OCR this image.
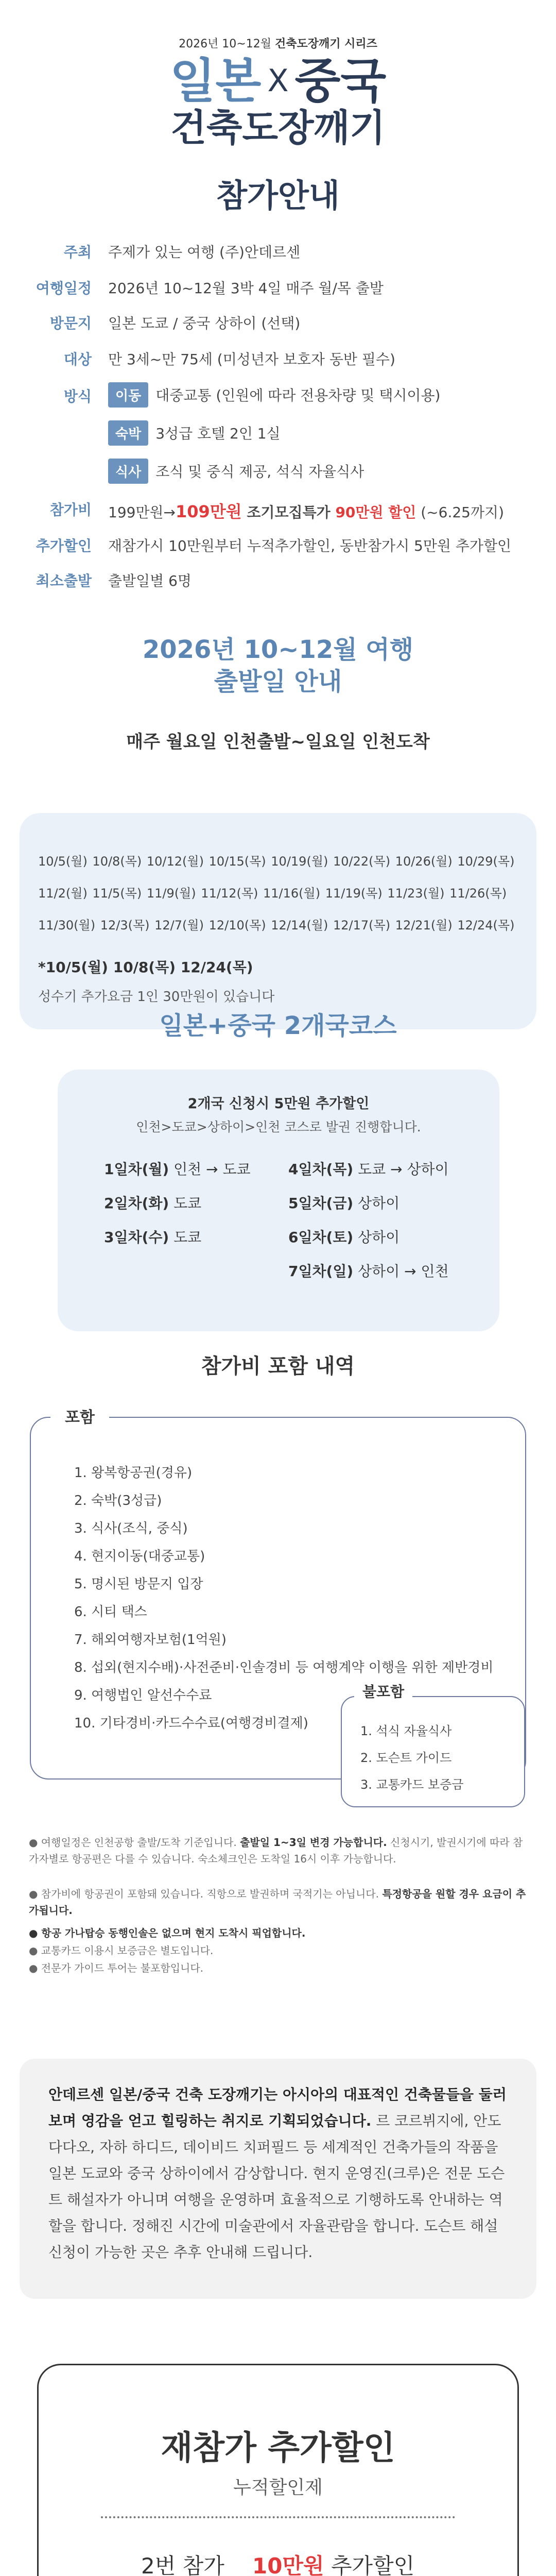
2026년 10~12월 건축도장깨기 시리즈
일본 X 중국
건축도장깨기
참가안내
주최 주제가 있는 여행 (주)안데르센
여행일정 2026년 10~12월 3박 4일 매주 월/목 출발
방문지 일본 도쿄 / 중국 상하이 (선택)
대상 만 3세~만 75세 (미성년자 보호자 동반 필수)
방식	이동 대중교통 (인원에 따라 전용차량 및 택시이용)
숙박 3성급 호텔 2인 1실
식사 조식 및 중식 제공, 석식 자율식사
참가비 199만원→109만원 조기모집특가 90만원 할인 (~6.25까지)
추가할인 재참가시 10만원부터 누적추가할인, 동반참가시 5만원 추가할인
최소출발 출발일별 6명
2026년 10~12월 여행
출발일 안내
매주 월요일 인천출발~일요일 인천도착
10/5(월) 10/8(목) 10/12(월) 10/15(목) 10/19(월) 10/22(목) 10/26(월) 10/29(목)
11/2(월) 11/5(목) 11/9(월) 11/12(목) 11/16(월) 11/19(목) 11/23(월) 11/26(목)
11/30(월) 12/3(목) 12/7(월) 12/10(목) 12/14(월) 12/17(목) 12/21(월) 12/24(목)
*10/5(월) 10/8(목) 12/24(목)
성수기 추가요금 1인 30만원이 있습니다
일본+중국 2개국코스
2개국 신청시 5만원 추가할인
인천>도쿄>상하이>인천 코스로 발권 진행합니다.
1일차(월) 인천 → 도쿄
2일차(화) 도쿄
3일차(수) 도쿄
4일차(목) 도쿄 → 상하이
5일차(금) 상하이
6일차(토) 상하이
7일차(일) 상하이 → 인천
참가비 포함 내역
포함
1. 왕복항공권(경유)
2. 숙박(3성급)
3. 식사(조식, 중식)
4. 현지이동(대중교통)
5. 명시된 방문지 입장
6. 시티 택스
7. 해외여행자보험(1억원)
8. 섭외(현지수배)·사전준비·인솔경비 등 여행계약 이행을 위한 제반경비
9. 여행법인 알선수수료
10. 기타경비·카드수수료(여행경비결제)
불포함
1. 석식 자율식사
2. 도슨트 가이드
3. 교통카드 보증금
● 여행일정은 인천공항 출발/도착 기준입니다. 출발일 1~3일 변경 가능합니다. 신청시기, 발권시기에 따라 참가자별로 항공편은 다를 수 있습니다. 숙소체크인은 도착일 16시 이후 가능합니다.
● 참가비에 항공권이 포함돼 있습니다. 직항으로 발권하며 국적기는 아닙니다. 특정항공을 원할 경우 요금이 추가됩니다.
● 항공 가나탑승 동행인솔은 없으며 현지 도착시 픽업합니다.
● 교통카드 이용시 보증금은 별도입니다.
● 전문가 가이드 투어는 불포함입니다.
안데르센 일본/중국 건축 도장깨기는 아시아의 대표적인 건축물들을 둘러보며 영감을 얻고 힐링하는 취지로 기획되었습니다. 르 코르뷔지에, 안도 다다오, 자하 하디드, 데이비드 치퍼필드 등 세계적인 건축가들의 작품을 일본 도쿄와 중국 상하이에서 감상합니다. 현지 운영진(크루)은 전문 도슨트 해설자가 아니며 여행을 운영하며 효율적으로 기행하도록 안내하는 역할을 합니다. 정해진 시간에 미술관에서 자율관람을 합니다. 도슨트 해설 신청이 가능한 곳은 추후 안내해 드립니다.
재참가 추가할인
누적할인제
2번 참가 10만원 추가할인
